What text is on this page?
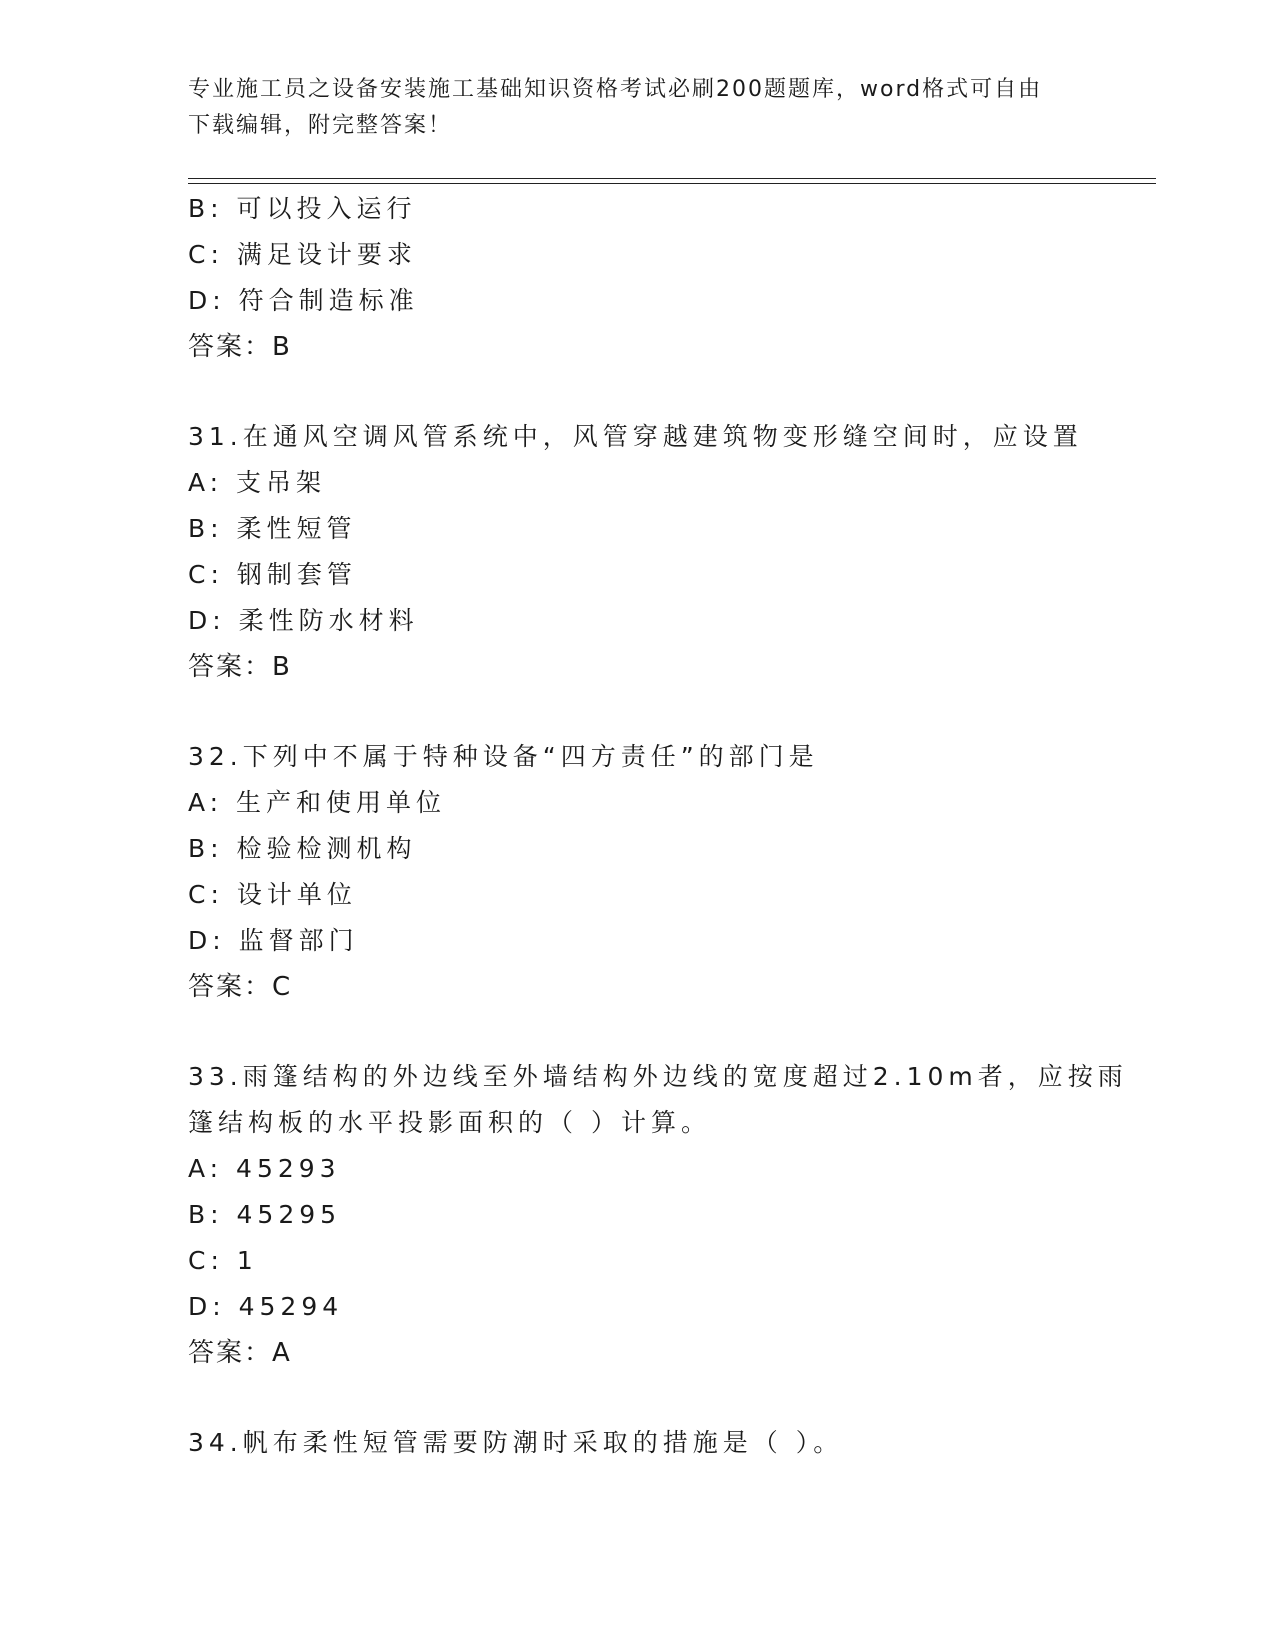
专业施工员之设备安装施工基础知识资格考试必刷200题题库，word格式可自由
下载编辑，附完整答案！
B: 可以投入运行
C: 满足设计要求
D: 符合制造标准
答案：B
31.在通风空调风管系统中，风管穿越建筑物变形缝空间时，应设置
A: 支吊架
B: 柔性短管
C: 钢制套管
D: 柔性防水材料
答案：B
32.下列中不属于特种设备“四方责任”的部门是
A: 生产和使用单位
B: 检验检测机构
C: 设计单位
D: 监督部门
答案：C
33.雨篷结构的外边线至外墙结构外边线的宽度超过2.10m者，应按雨
篷结构板的水平投影面积的（ ）计算。
A: 45293
B: 45295
C: 1
D: 45294
答案：A
34.帆布柔性短管需要防潮时采取的措施是（ ）。
